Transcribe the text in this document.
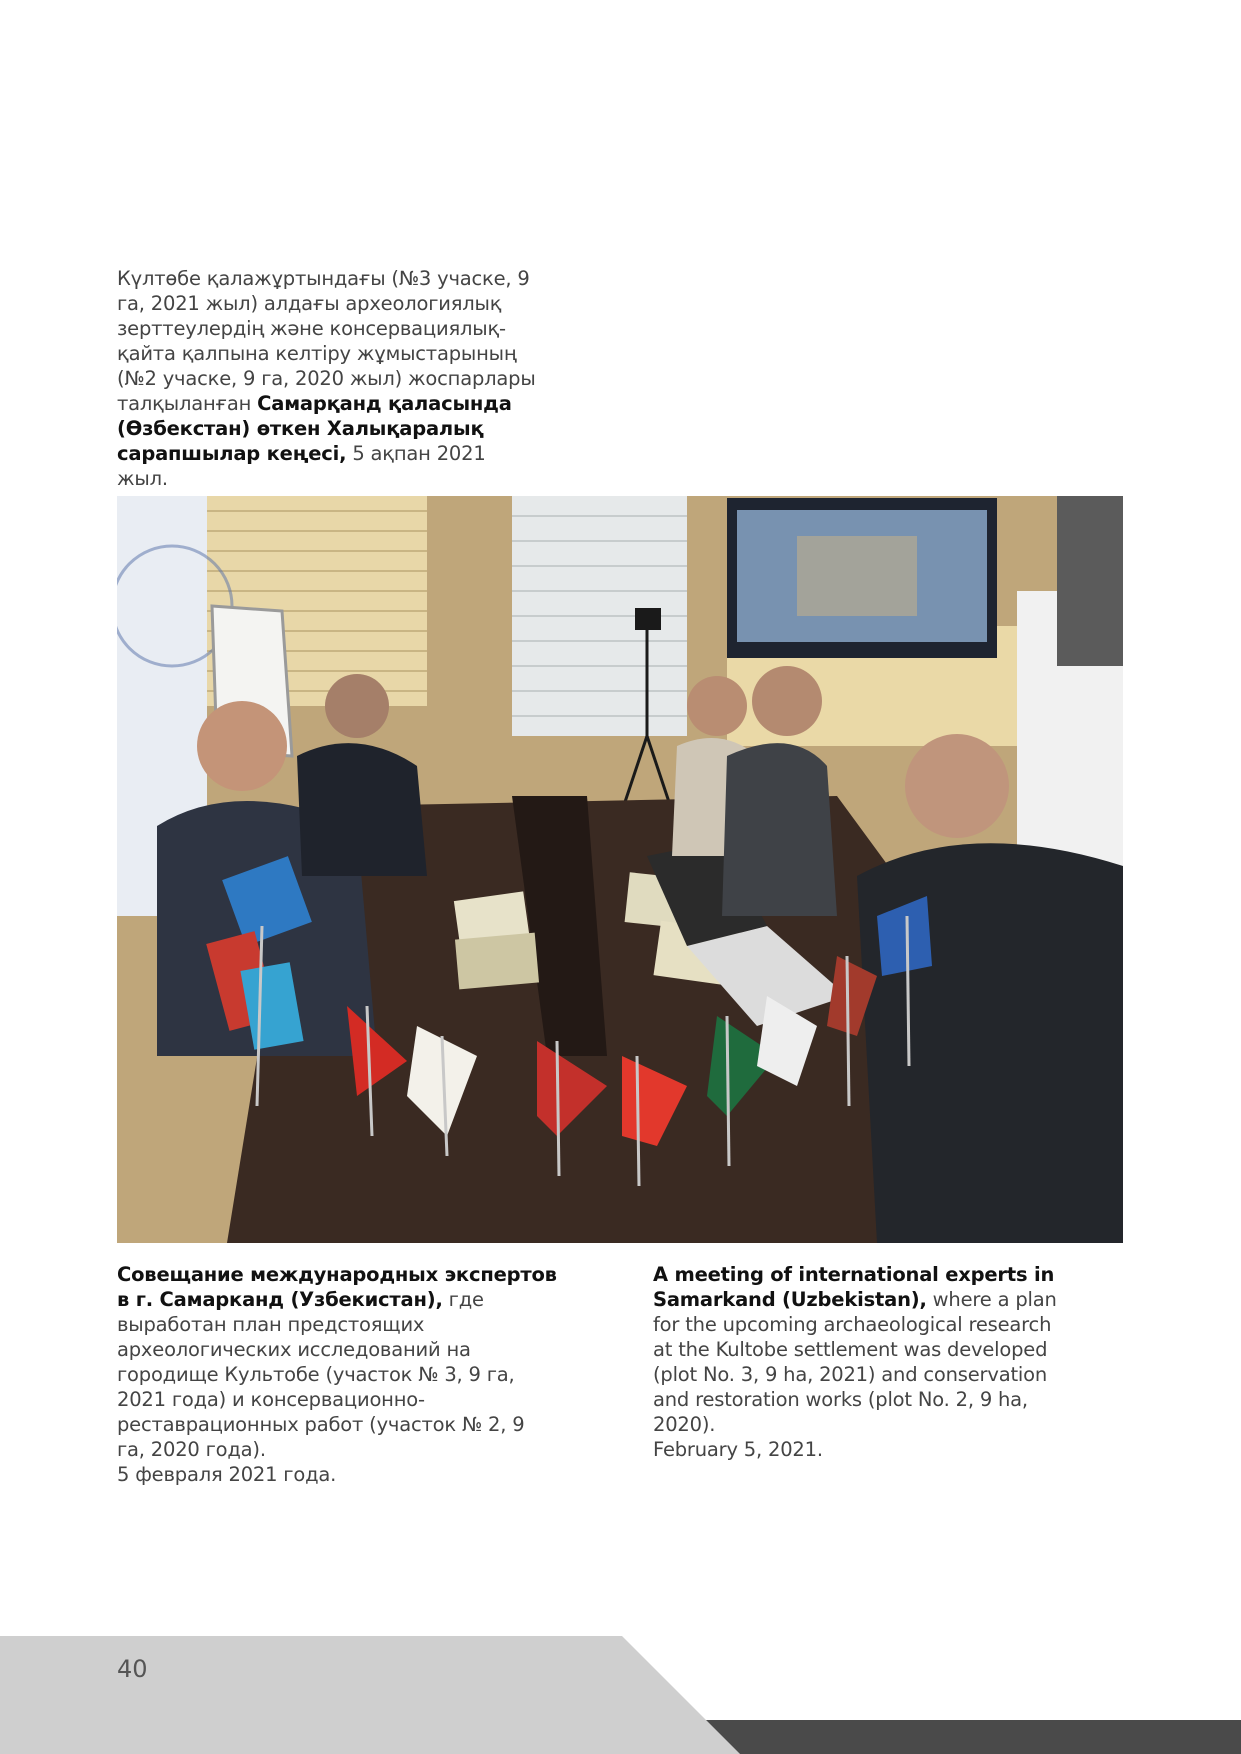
Күлтөбе қалажұртындағы (№3 учаске, 9 га, 2021 жыл) алдағы археологиялық зерттеулердің және консервациялық-қайта қалпына келтіру жұмыстарының (№2 учаске, 9 га, 2020 жыл) жоспарлары талқыланған Самарқанд қаласында (Өзбекстан) өткен Халықаралық сарапшылар кеңесі, 5 ақпан 2021 жыл.
Совещание международных экспертов в г. Самарканд (Узбекистан), где выработан план предстоящих археологических исследований на городище Культобе (участок № 3, 9 га, 2021 года) и консервационно-реставрационных работ (участок № 2, 9 га, 2020 года).
5 февраля 2021 года.
A meeting of international experts in Samarkand (Uzbekistan), where a plan for the upcoming archaeological research at the Kultobe settlement was developed (plot No. 3, 9 ha, 2021) and conservation and restoration works (plot No. 2, 9 ha, 2020).
February 5, 2021.
40
